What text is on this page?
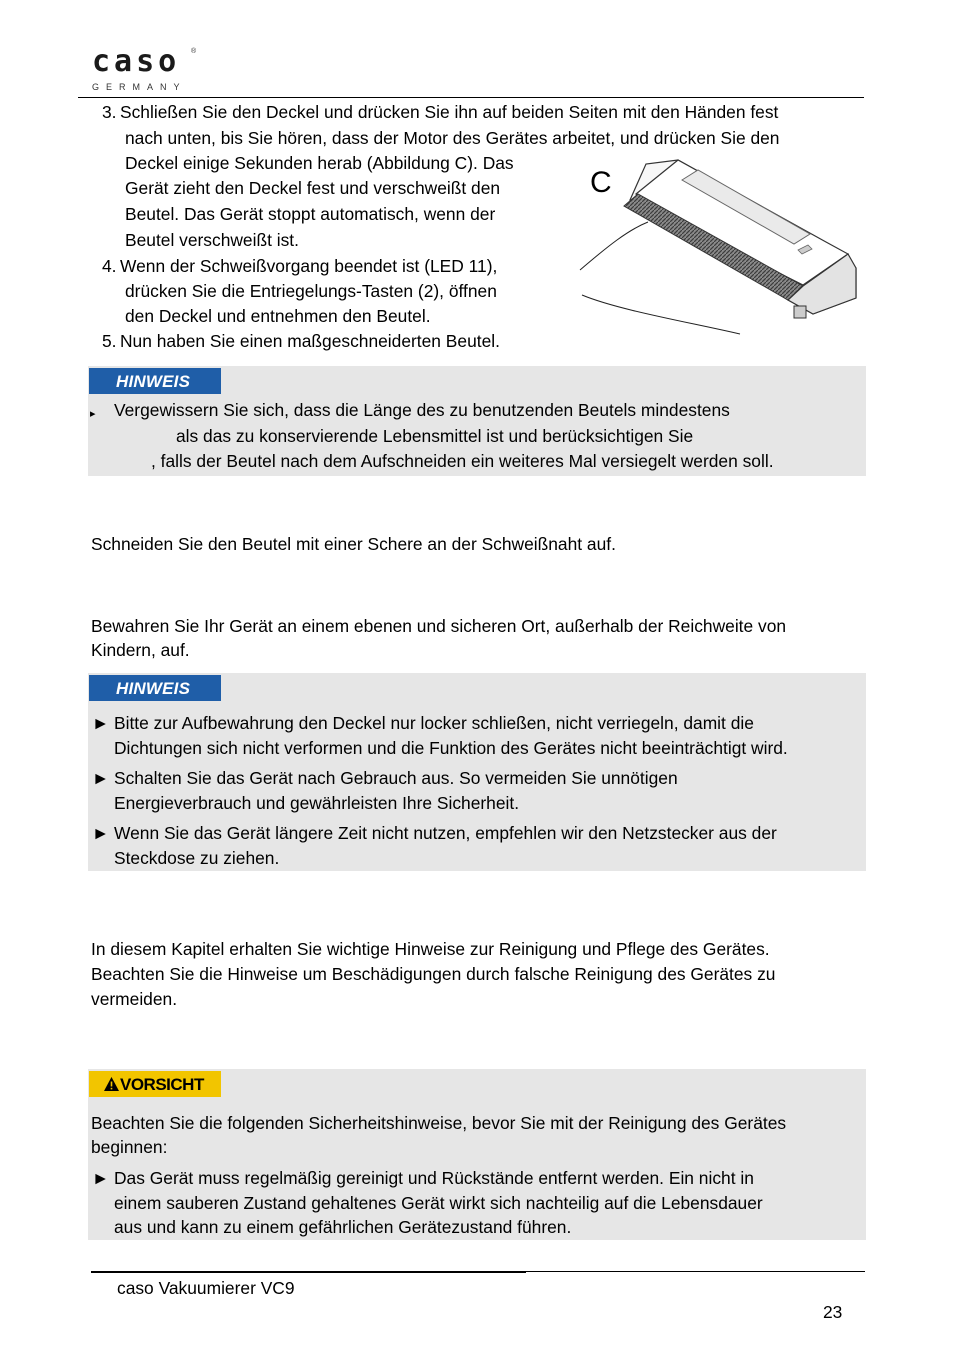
caso ®
GERMANY
3. Schließen Sie den Deckel und drücken Sie ihn auf beiden Seiten mit den Händen fest
nach unten, bis Sie hören, dass der Motor des Gerätes arbeitet, und drücken Sie den
Deckel einige Sekunden herab (Abbildung C). Das
Gerät zieht den Deckel fest und verschweißt den
Beutel. Das Gerät stoppt automatisch, wenn der
Beutel verschweißt ist.
4. Wenn der Schweißvorgang beendet ist (LED 11),
drücken Sie die Entriegelungs-Tasten (2), öffnen
den Deckel und entnehmen den Beutel.
5. Nun haben Sie einen maßgeschneiderten Beutel.
C
HINWEIS
▸ Vergewissern Sie sich, dass die Länge des zu benutzenden Beutels mindestens
als das zu konservierende Lebensmittel ist und berücksichtigen Sie
, falls der Beutel nach dem Aufschneiden ein weiteres Mal versiegelt werden soll.
Schneiden Sie den Beutel mit einer Schere an der Schweißnaht auf.
Bewahren Sie Ihr Gerät an einem ebenen und sicheren Ort, außerhalb der Reichweite von
Kindern, auf.
HINWEIS
► Bitte zur Aufbewahrung den Deckel nur locker schließen, nicht verriegeln, damit die
Dichtungen sich nicht verformen und die Funktion des Gerätes nicht beeinträchtigt wird.
► Schalten Sie das Gerät nach Gebrauch aus. So vermeiden Sie unnötigen
Energieverbrauch und gewährleisten Ihre Sicherheit.
► Wenn Sie das Gerät längere Zeit nicht nutzen, empfehlen wir den Netzstecker aus der
Steckdose zu ziehen.
In diesem Kapitel erhalten Sie wichtige Hinweise zur Reinigung und Pflege des Gerätes.
Beachten Sie die Hinweise um Beschädigungen durch falsche Reinigung des Gerätes zu
vermeiden.
VORSICHT
Beachten Sie die folgenden Sicherheitshinweise, bevor Sie mit der Reinigung des Gerätes
beginnen:
► Das Gerät muss regelmäßig gereinigt und Rückstände entfernt werden. Ein nicht in
einem sauberen Zustand gehaltenes Gerät wirkt sich nachteilig auf die Lebensdauer
aus und kann zu einem gefährlichen Gerätezustand führen.
caso Vakuumierer VC9
23
